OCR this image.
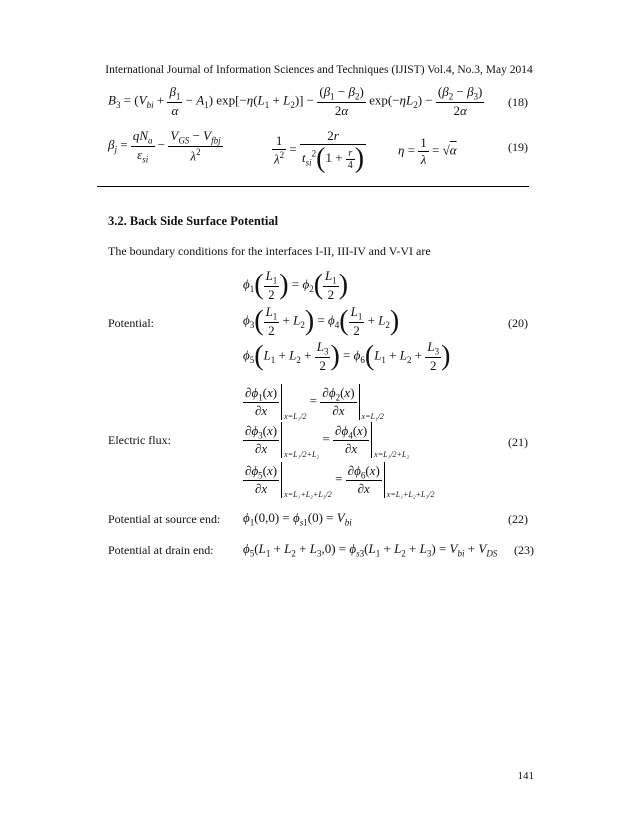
International Journal of Information Sciences and Techniques (IJIST) Vol.4, No.3, May 2014
$B_3 = (V_{bi} + \frac{\beta_1}{\alpha} - A_1) \exp[-\eta(L_1 + L_2)] - \frac{(\beta_1 - \beta_2)}{2\alpha} \exp(-\eta L_2) - \frac{(\beta_2 - \beta_3)}{2\alpha} (18)$
$\beta_j = \frac{qN_a}{\varepsilon_{si}} - \frac{V_{GS} - V_{fbj}}{\lambda^2}$	$\frac{1}{\lambda^2} = \frac{2r}{t_{si}^2(1 + \frac{r}{4} )}$ $\eta = \frac{1}{\lambda} = √\alpha$	(19)
3.2. Back Side Surface Potential
The boundary conditions for the interfaces I-II, III-IV and V-VI are
$\phi_1( \frac{L_1}{2}$ ) = $\phi_2( \frac{L_1}{2}$ )
Potential:	$\phi_3( \frac{L_1}{2} + L_2) = \phi_4( \frac{L_1}{2} + L_2)$	(20)
$\phi_5(L_1 + L_2 + \frac{L_3}{2}$ ) = $\phi_6(L_1 + L_2 + \frac{L_3}{2}$ )
$\frac{\partial\phi_1(x)}{\partial x} _{x=L_1/2} = \frac{\partial\phi_2(x)}{\partial x} _{x=L_1/2}$
Electric flux:	$\frac{\partial\phi_3(x)}{\partial x} _{x=L_1/2+L_2} = \frac{\partial\phi_4(x)}{\partial x} _{x=L_1/2+L_2}$
(21)
$\frac{\partial\phi_5(x)}{\partial x} _{x=L_1+L_2+L_3/2} = \frac{\partial\phi_6(x)}{\partial x} _{x=L_1+L_2+L_3/2}$
Potential at source end: $\phi_1(0,0) = \phi_{s1}(0) = V_{bi}$	(22)
Potential at drain end: $\phi_5(L_1 + L_2 + L_3,0) = \phi_{s3}(L_1 + L_2 + L_3) = V_{bi} + V_{DS}$ (23)
141
